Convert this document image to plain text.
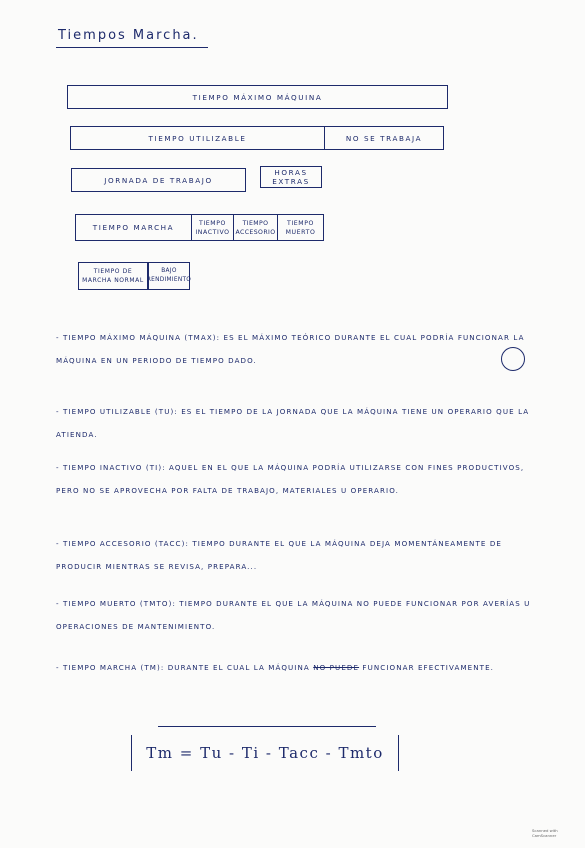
Tiempos Marcha.
TIEMPO MÁXIMO MÁQUINA
TIEMPO UTILIZABLE	NO SE TRABAJA
JORNADA DE TRABAJO
HORAS EXTRAS
TIEMPO MARCHA	TIEMPO INACTIVO
TIEMPO ACCESORIO
TIEMPO MUERTO
TIEMPO DE MARCHA NORMAL
BAJO RENDIMIENTO
- TIEMPO MÁXIMO MÁQUINA (TMAX): ES EL MÁXIMO TEÓRICO DURANTE EL CUAL PODRÍA FUNCIONAR LA MÁQUINA EN UN PERIODO DE TIEMPO DADO.
- TIEMPO UTILIZABLE (TU): ES EL TIEMPO DE LA JORNADA QUE LA MÁQUINA TIENE UN OPERARIO QUE LA ATIENDA.
- TIEMPO INACTIVO (TI): AQUEL EN EL QUE LA MÁQUINA PODRÍA UTILIZARSE CON FINES PRODUCTIVOS, PERO NO SE APROVECHA POR FALTA DE TRABAJO, MATERIALES U OPERARIO.
- TIEMPO ACCESORIO (TACC): TIEMPO DURANTE EL QUE LA MÁQUINA DEJA MOMENTÁNEAMENTE DE PRODUCIR MIENTRAS SE REVISA, PREPARA...
- TIEMPO MUERTO (TMTO): TIEMPO DURANTE EL QUE LA MÁQUINA NO PUEDE FUNCIONAR POR AVERÍAS U OPERACIONES DE MANTENIMIENTO.
- TIEMPO MARCHA (TM): DURANTE EL CUAL LA MÁQUINA NO PUEDE FUNCIONAR EFECTIVAMENTE.
Tm = Tu - Ti - Tacc - Tmto
Scanned with CamScanner
